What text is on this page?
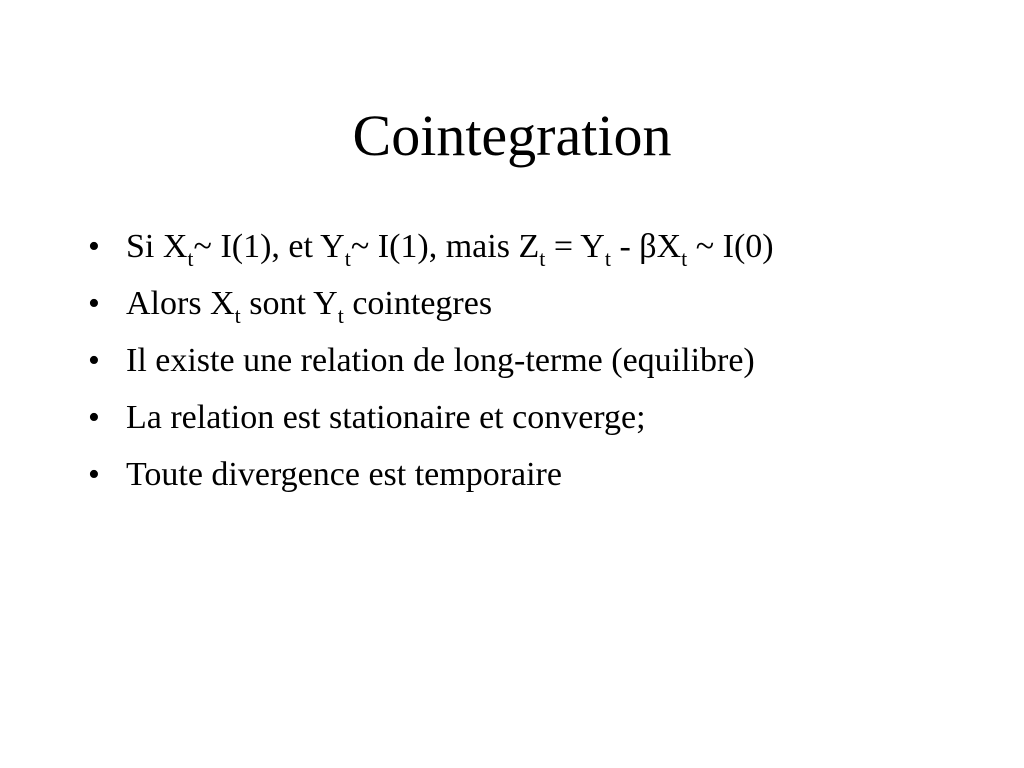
Cointegration
• Si $X_t\sim$ I(1), et $Y_t\sim$ I(1), mais $Z_t = Y_t - \beta X_t$ ~ I(0)
• Alors $X_t$ sont $Y_t$ cointegres
• Il existe une relation de long-terme (equilibre)
• La relation est stationaire et converge;
• Toute divergence est temporaire
